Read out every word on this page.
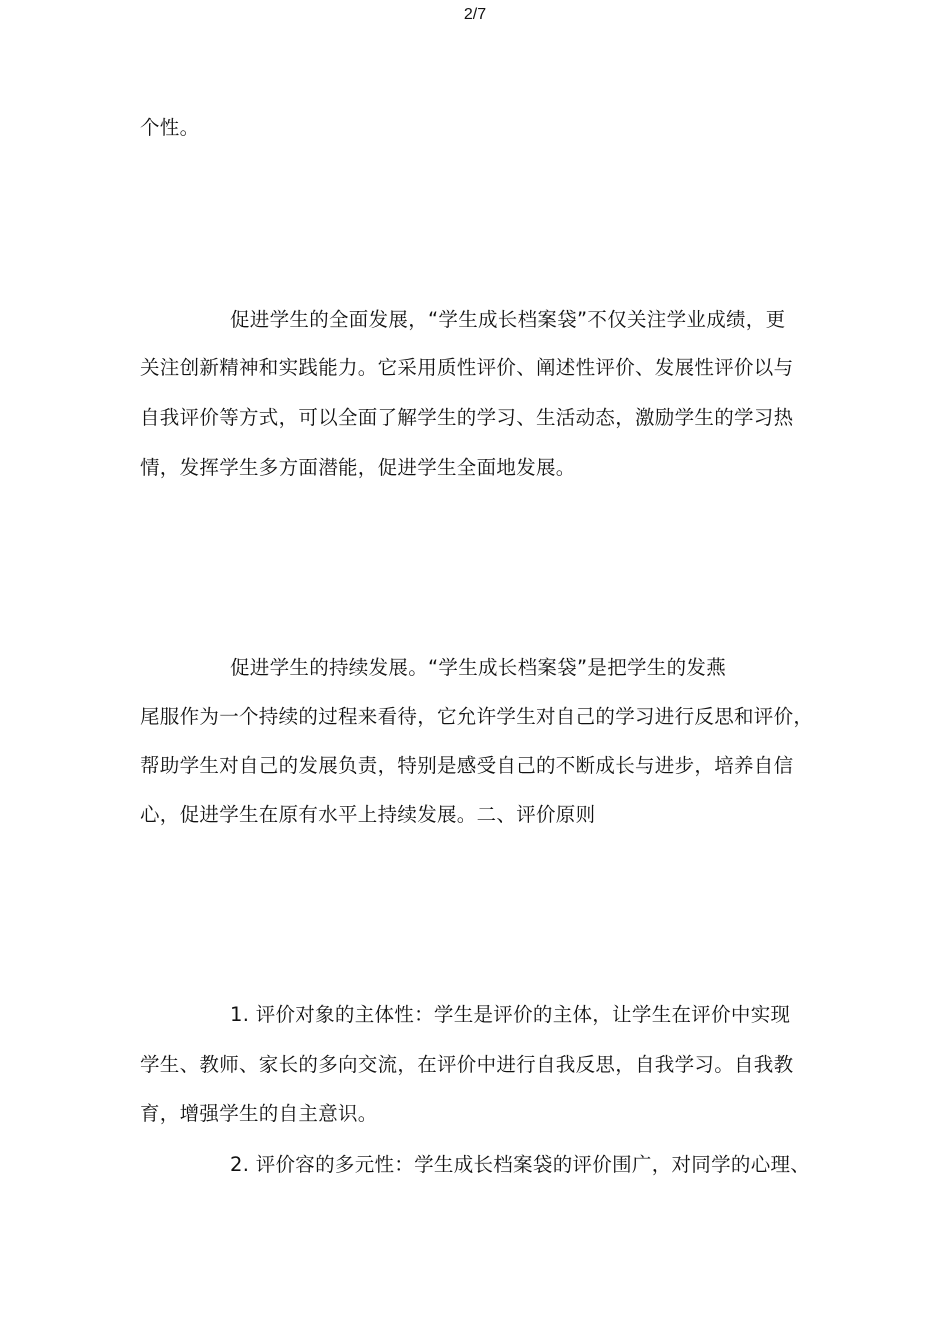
2/7
个性。
促进学生的全面发展，“学生成长档案袋”不仅关注学业成绩，更
关注创新精神和实践能力。它采用质性评价、阐述性评价、发展性评价以与
自我评价等方式，可以全面了解学生的学习、生活动态，激励学生的学习热
情，发挥学生多方面潜能，促进学生全面地发展。
促进学生的持续发展。“学生成长档案袋”是把学生的发燕
尾服作为一个持续的过程来看待，它允许学生对自己的学习进行反思和评价，
帮助学生对自己的发展负责，特别是感受自己的不断成长与进步，培养自信
心，促进学生在原有水平上持续发展。二、评价原则
1. 评价对象的主体性：学生是评价的主体，让学生在评价中实现
学生、教师、家长的多向交流，在评价中进行自我反思，自我学习。自我教
育，增强学生的自主意识。
2. 评价容的多元性：学生成长档案袋的评价围广，对同学的心理、
